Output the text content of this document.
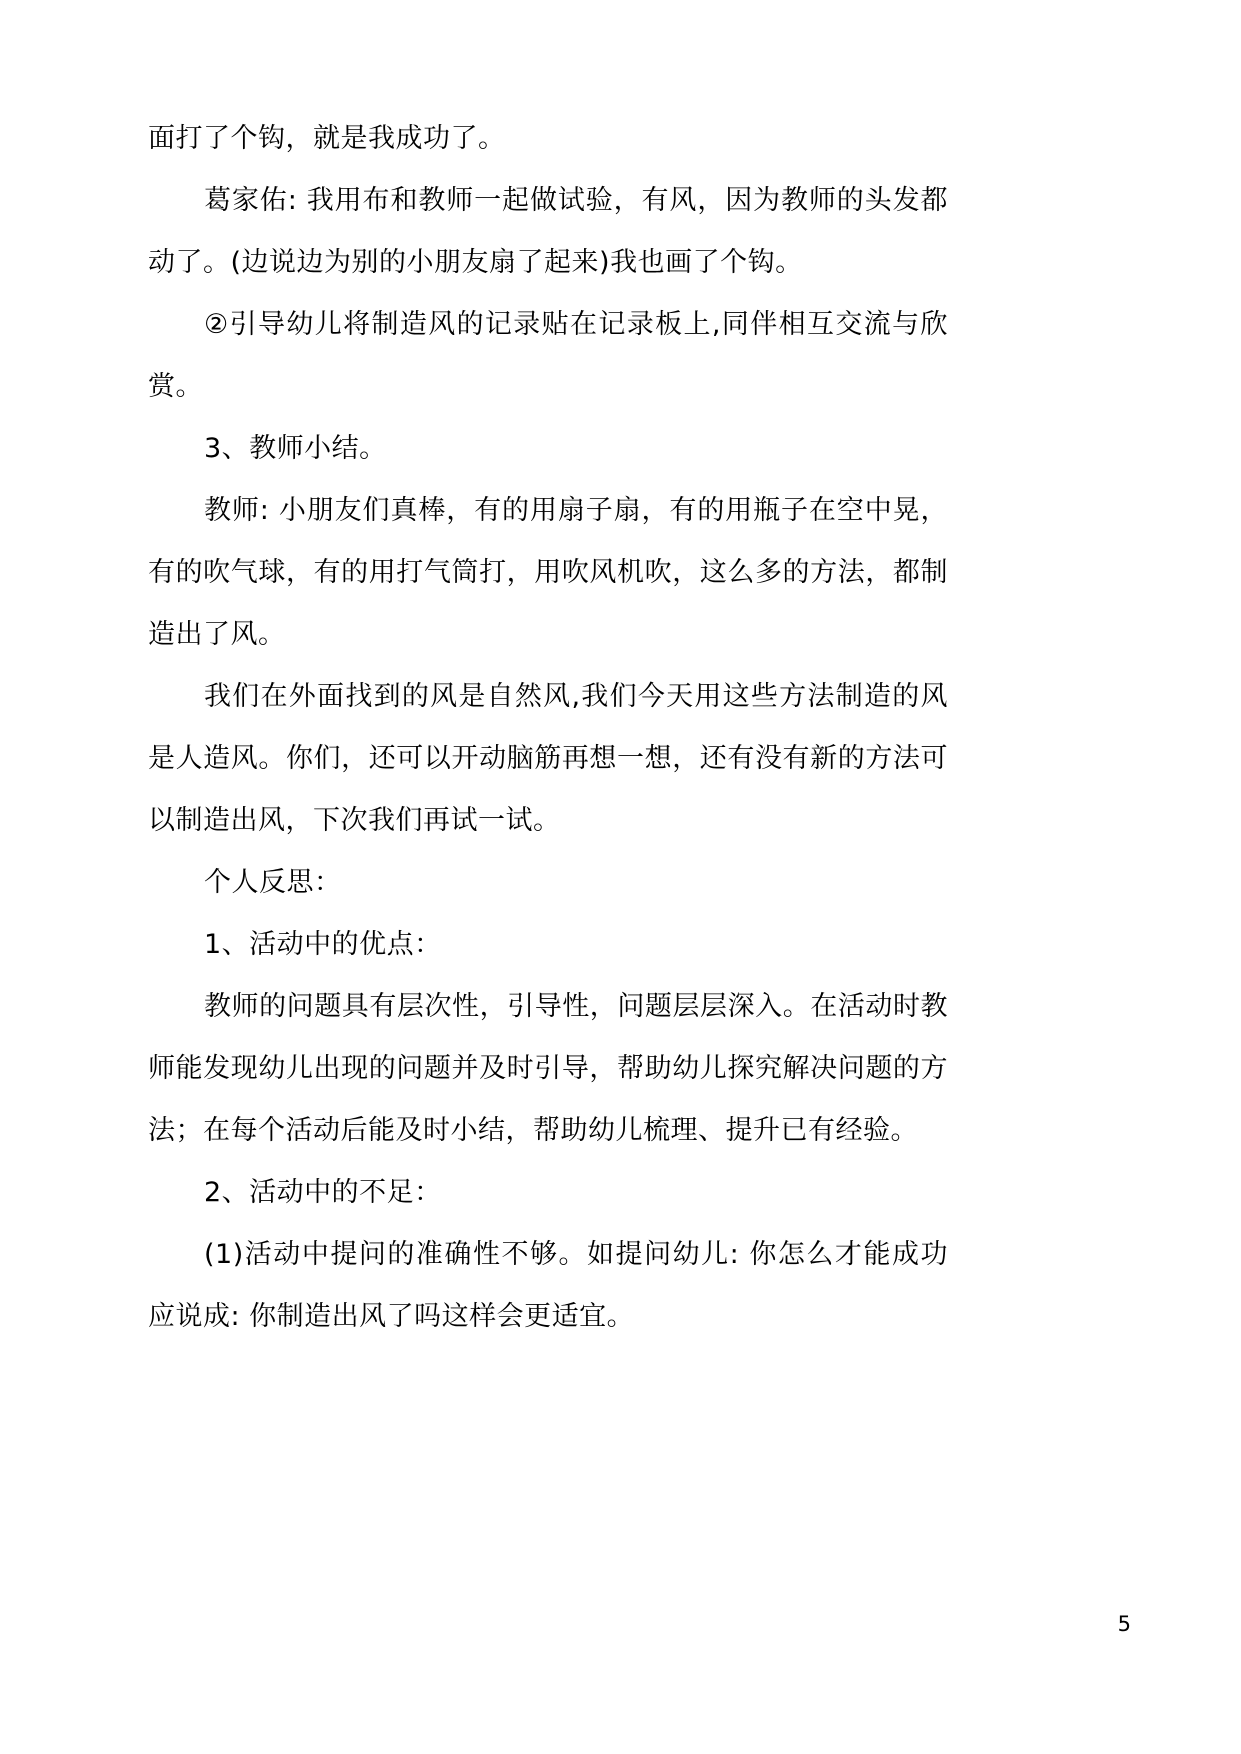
面打了个钩，就是我成功了。

葛家佑: 我用布和教师一起做试验，有风，因为教师的头发都动了。(边说边为别的小朋友扇了起来)我也画了个钩。

②引导幼儿将制造风的记录贴在记录板上,同伴相互交流与欣赏。

3、教师小结。

教师: 小朋友们真棒，有的用扇子扇，有的用瓶子在空中晃，有的吹气球，有的用打气筒打，用吹风机吹，这么多的方法，都制造出了风。

我们在外面找到的风是自然风,我们今天用这些方法制造的风是人造风。你们，还可以开动脑筋再想一想，还有没有新的方法可以制造出风，下次我们再试一试。

个人反思：

1、活动中的优点：

教师的问题具有层次性，引导性，问题层层深入。在活动时教师能发现幼儿出现的问题并及时引导，帮助幼儿探究解决问题的方法；在每个活动后能及时小结，帮助幼儿梳理、提升已有经验。

2、活动中的不足：

(1)活动中提问的准确性不够。如提问幼儿: 你怎么才能成功应说成: 你制造出风了吗这样会更适宜。

5
